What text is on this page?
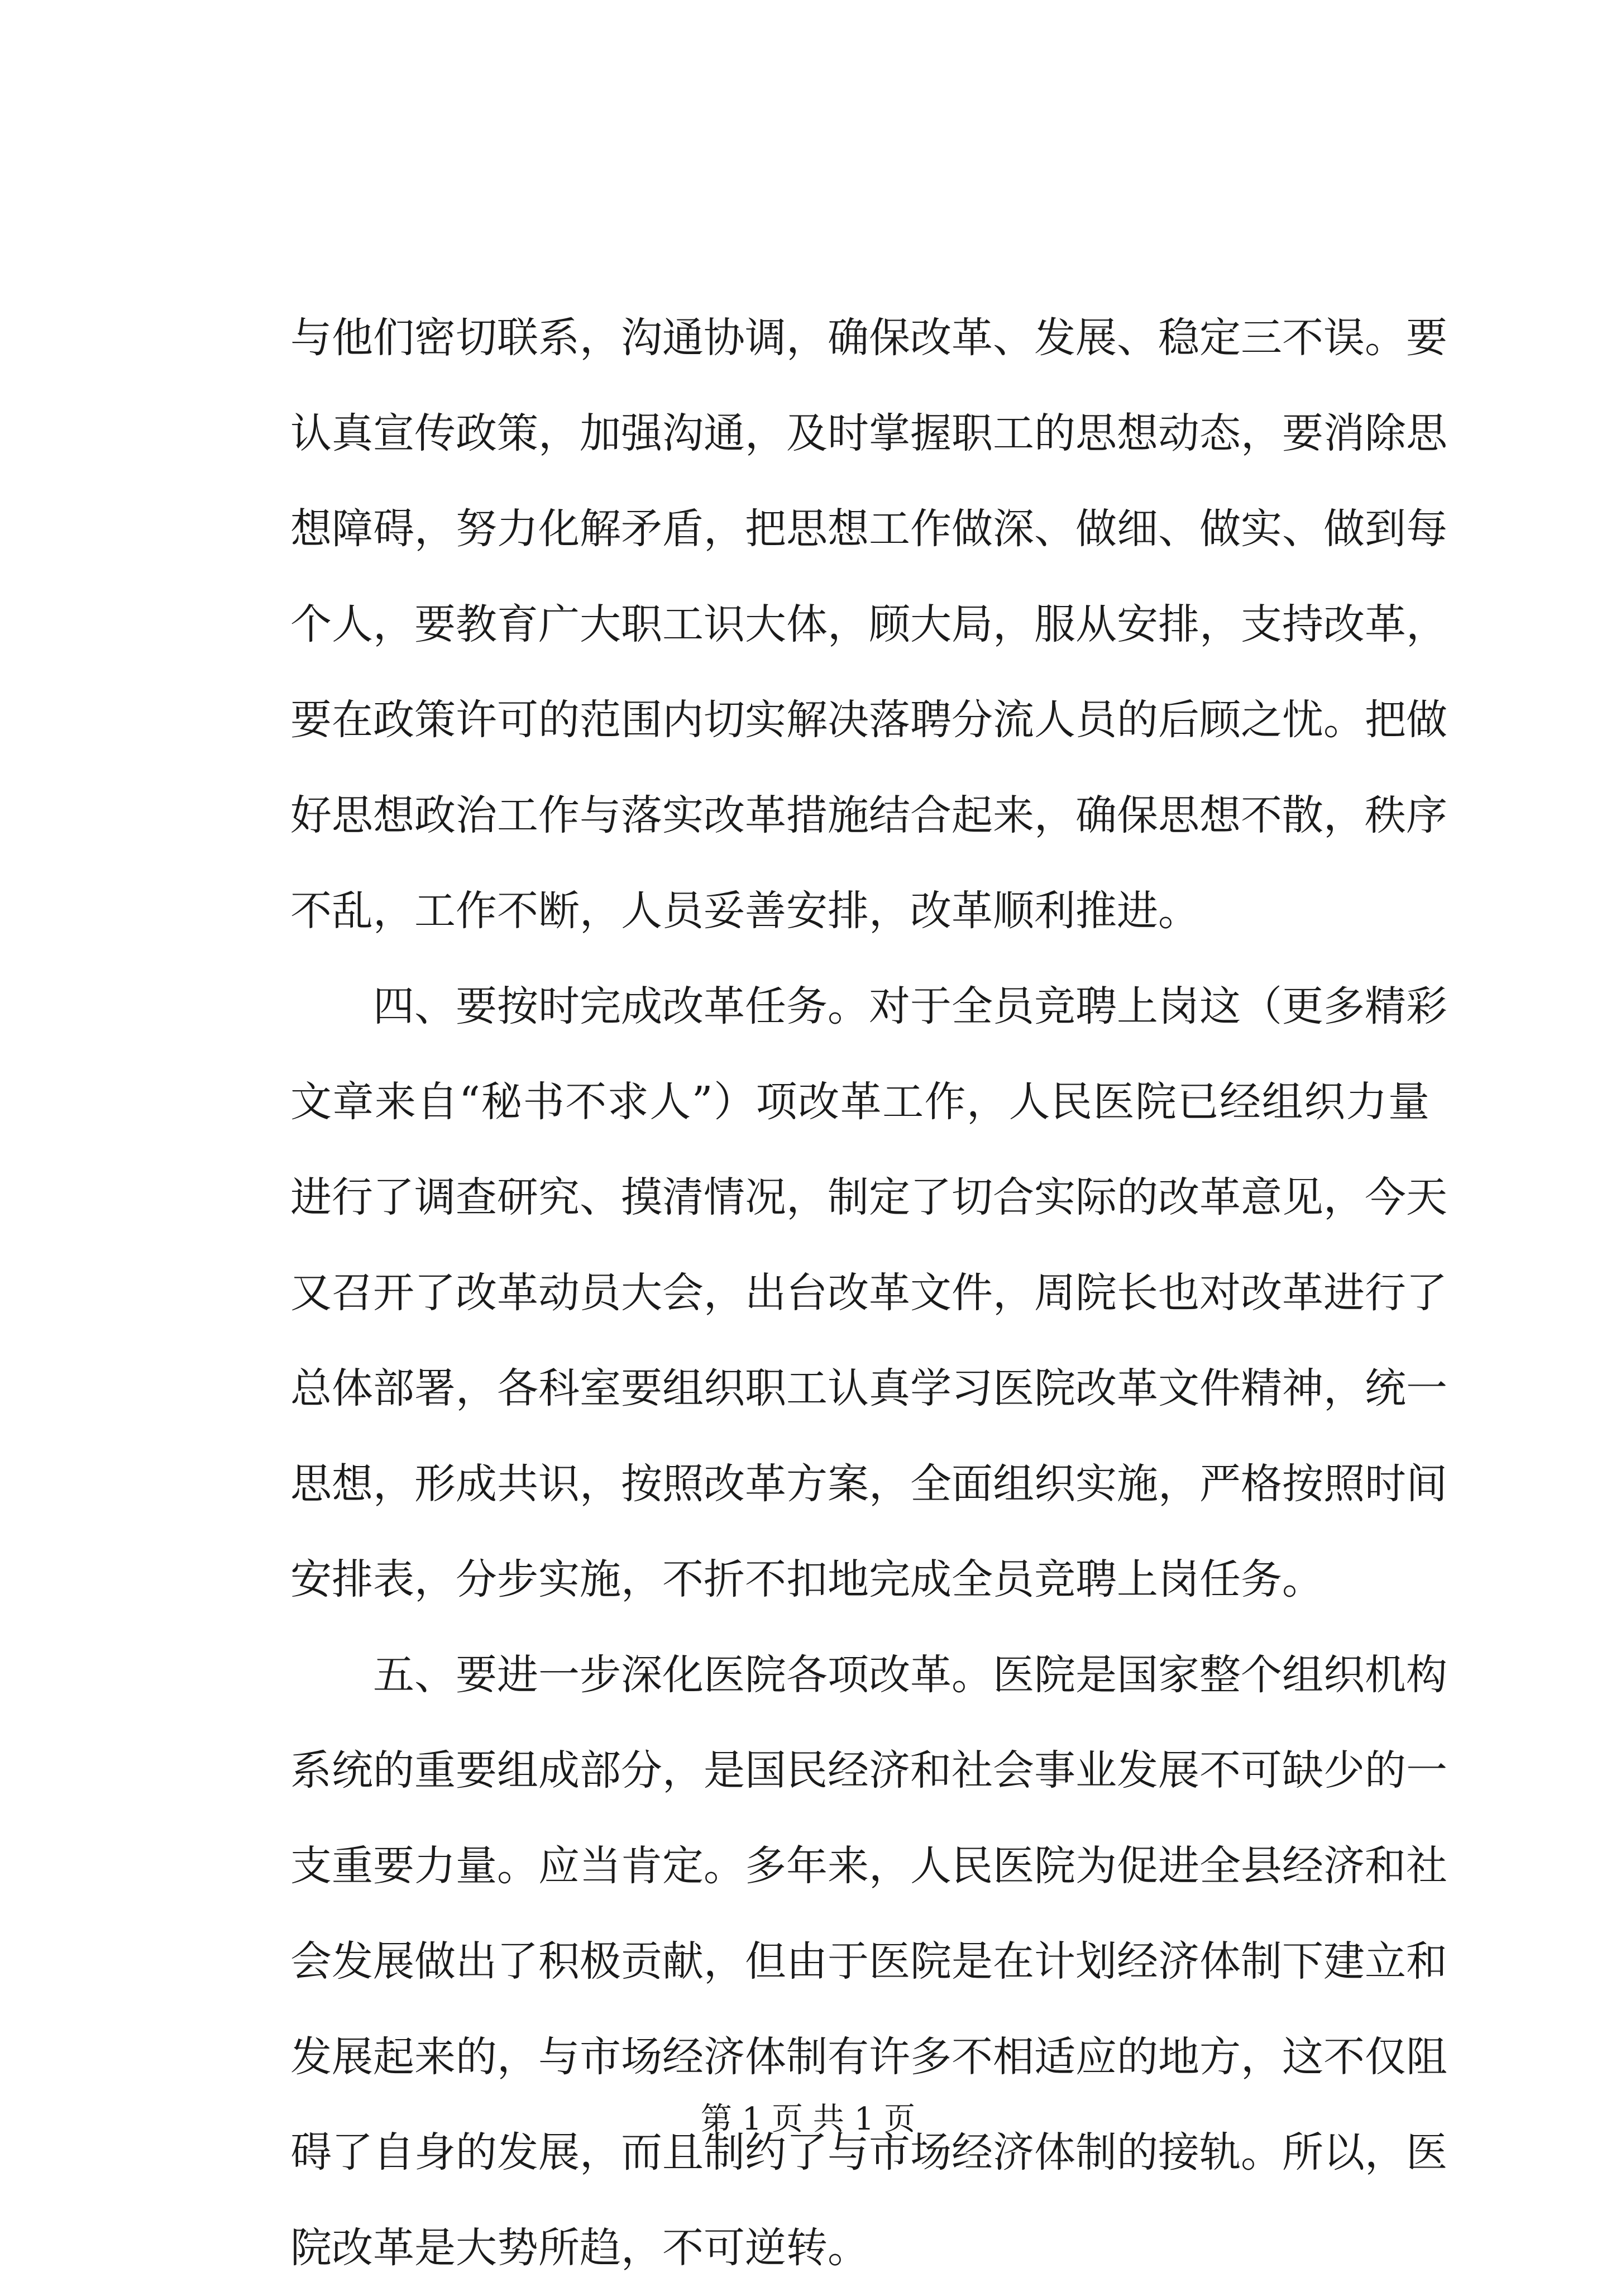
与他们密切联系，沟通协调，确保改革、发展、稳定三不误。要
认真宣传政策，加强沟通，及时掌握职工的思想动态，要消除思
想障碍，努力化解矛盾，把思想工作做深、做细、做实、做到每
个人，要教育广大职工识大体，顾大局，服从安排，支持改革，
要在政策许可的范围内切实解决落聘分流人员的后顾之忧。把做
好思想政治工作与落实改革措施结合起来，确保思想不散，秩序
不乱，工作不断，人员妥善安排，改革顺利推进。
四、要按时完成改革任务。对于全员竞聘上岗这（更多精彩
文章来自“秘书不求人”）项改革工作，人民医院已经组织力量
进行了调查研究、摸清情况，制定了切合实际的改革意见，今天
又召开了改革动员大会，出台改革文件，周院长也对改革进行了
总体部署，各科室要组织职工认真学习医院改革文件精神，统一
思想，形成共识，按照改革方案，全面组织实施，严格按照时间
安排表，分步实施，不折不扣地完成全员竞聘上岗任务。
五、要进一步深化医院各项改革。医院是国家整个组织机构
系统的重要组成部分，是国民经济和社会事业发展不可缺少的一
支重要力量。应当肯定。多年来，人民医院为促进全县经济和社
会发展做出了积极贡献，但由于医院是在计划经济体制下建立和
发展起来的，与市场经济体制有许多不相适应的地方，这不仅阻
碍了自身的发展，而且制约了与市场经济体制的接轨。所以，医
院改革是大势所趋，不可逆转。
第 1 页 共 1 页
